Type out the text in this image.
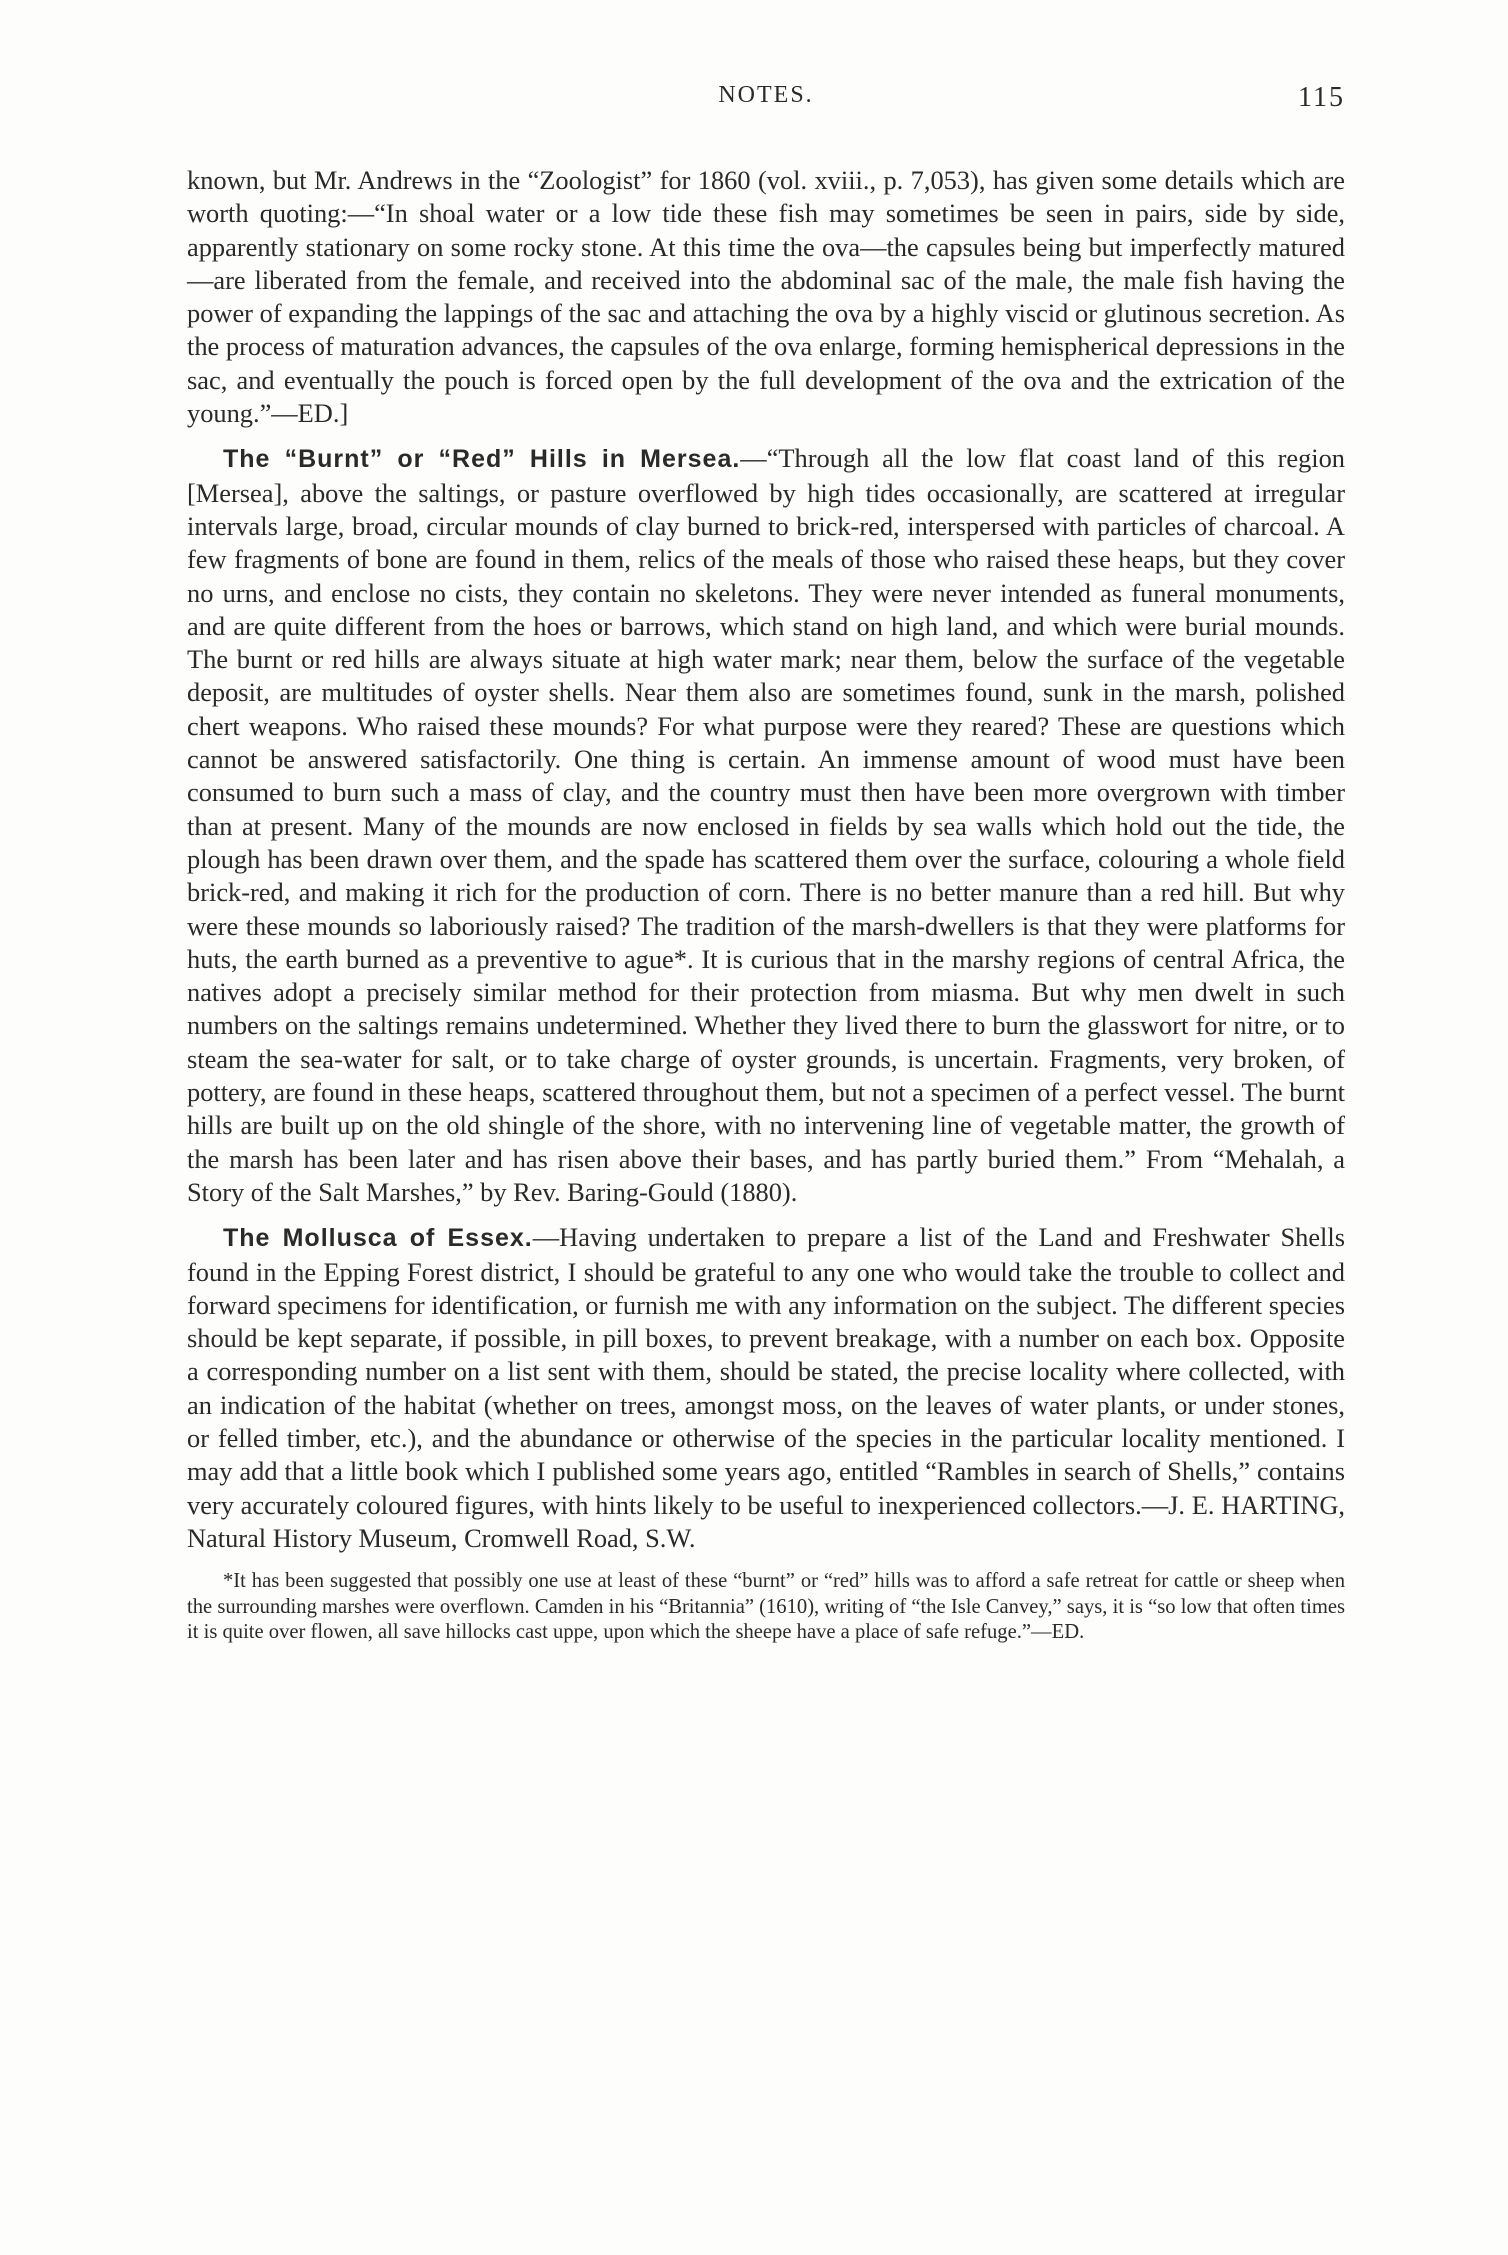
NOTES.	115

known, but Mr. Andrews in the “Zoologist” for 1860 (vol. xviii., p. 7,053), has given some details which are worth quoting:—“In shoal water or a low tide these fish may sometimes be seen in pairs, side by side, apparently stationary on some rocky stone. At this time the ova—the capsules being but imperfectly matured—are liberated from the female, and received into the abdominal sac of the male, the male fish having the power of expanding the lappings of the sac and attaching the ova by a highly viscid or glutinous secretion. As the process of maturation advances, the capsules of the ova enlarge, forming hemispherical depressions in the sac, and eventually the pouch is forced open by the full development of the ova and the extrication of the young.”—ED.]

The “Burnt” or “Red” Hills in Mersea.—“Through all the low flat coast land of this region [Mersea], above the saltings, or pasture overflowed by high tides occasionally, are scattered at irregular intervals large, broad, circular mounds of clay burned to brick-red, interspersed with particles of charcoal. A few fragments of bone are found in them, relics of the meals of those who raised these heaps, but they cover no urns, and enclose no cists, they contain no skeletons. They were never intended as funeral monuments, and are quite different from the hoes or barrows, which stand on high land, and which were burial mounds. The burnt or red hills are always situate at high water mark; near them, below the surface of the vegetable deposit, are multitudes of oyster shells. Near them also are sometimes found, sunk in the marsh, polished chert weapons. Who raised these mounds? For what purpose were they reared? These are questions which cannot be answered satisfactorily. One thing is certain. An immense amount of wood must have been consumed to burn such a mass of clay, and the country must then have been more overgrown with timber than at present. Many of the mounds are now enclosed in fields by sea walls which hold out the tide, the plough has been drawn over them, and the spade has scattered them over the surface, colouring a whole field brick-red, and making it rich for the production of corn. There is no better manure than a red hill. But why were these mounds so laboriously raised? The tradition of the marsh-dwellers is that they were platforms for huts, the earth burned as a preventive to ague*. It is curious that in the marshy regions of central Africa, the natives adopt a precisely similar method for their protection from miasma. But why men dwelt in such numbers on the saltings remains undetermined. Whether they lived there to burn the glasswort for nitre, or to steam the sea-water for salt, or to take charge of oyster grounds, is uncertain. Fragments, very broken, of pottery, are found in these heaps, scattered throughout them, but not a specimen of a perfect vessel. The burnt hills are built up on the old shingle of the shore, with no intervening line of vegetable matter, the growth of the marsh has been later and has risen above their bases, and has partly buried them.” From “Mehalah, a Story of the Salt Marshes,” by Rev. Baring-Gould (1880).

The Mollusca of Essex.—Having undertaken to prepare a list of the Land and Freshwater Shells found in the Epping Forest district, I should be grateful to any one who would take the trouble to collect and forward specimens for identification, or furnish me with any information on the subject. The different species should be kept separate, if possible, in pill boxes, to prevent breakage, with a number on each box. Opposite a corresponding number on a list sent with them, should be stated, the precise locality where collected, with an indication of the habitat (whether on trees, amongst moss, on the leaves of water plants, or under stones, or felled timber, etc.), and the abundance or otherwise of the species in the particular locality mentioned. I may add that a little book which I published some years ago, entitled “Rambles in search of Shells,” contains very accurately coloured figures, with hints likely to be useful to inexperienced collectors.—J. E. HARTING, Natural History Museum, Cromwell Road, S.W.

*It has been suggested that possibly one use at least of these “burnt” or “red” hills was to afford a safe retreat for cattle or sheep when the surrounding marshes were overflown. Camden in his “Britannia” (1610), writing of “the Isle Canvey,” says, it is “so low that often times it is quite over flowen, all save hillocks cast uppe, upon which the sheepe have a place of safe refuge.”—ED.
